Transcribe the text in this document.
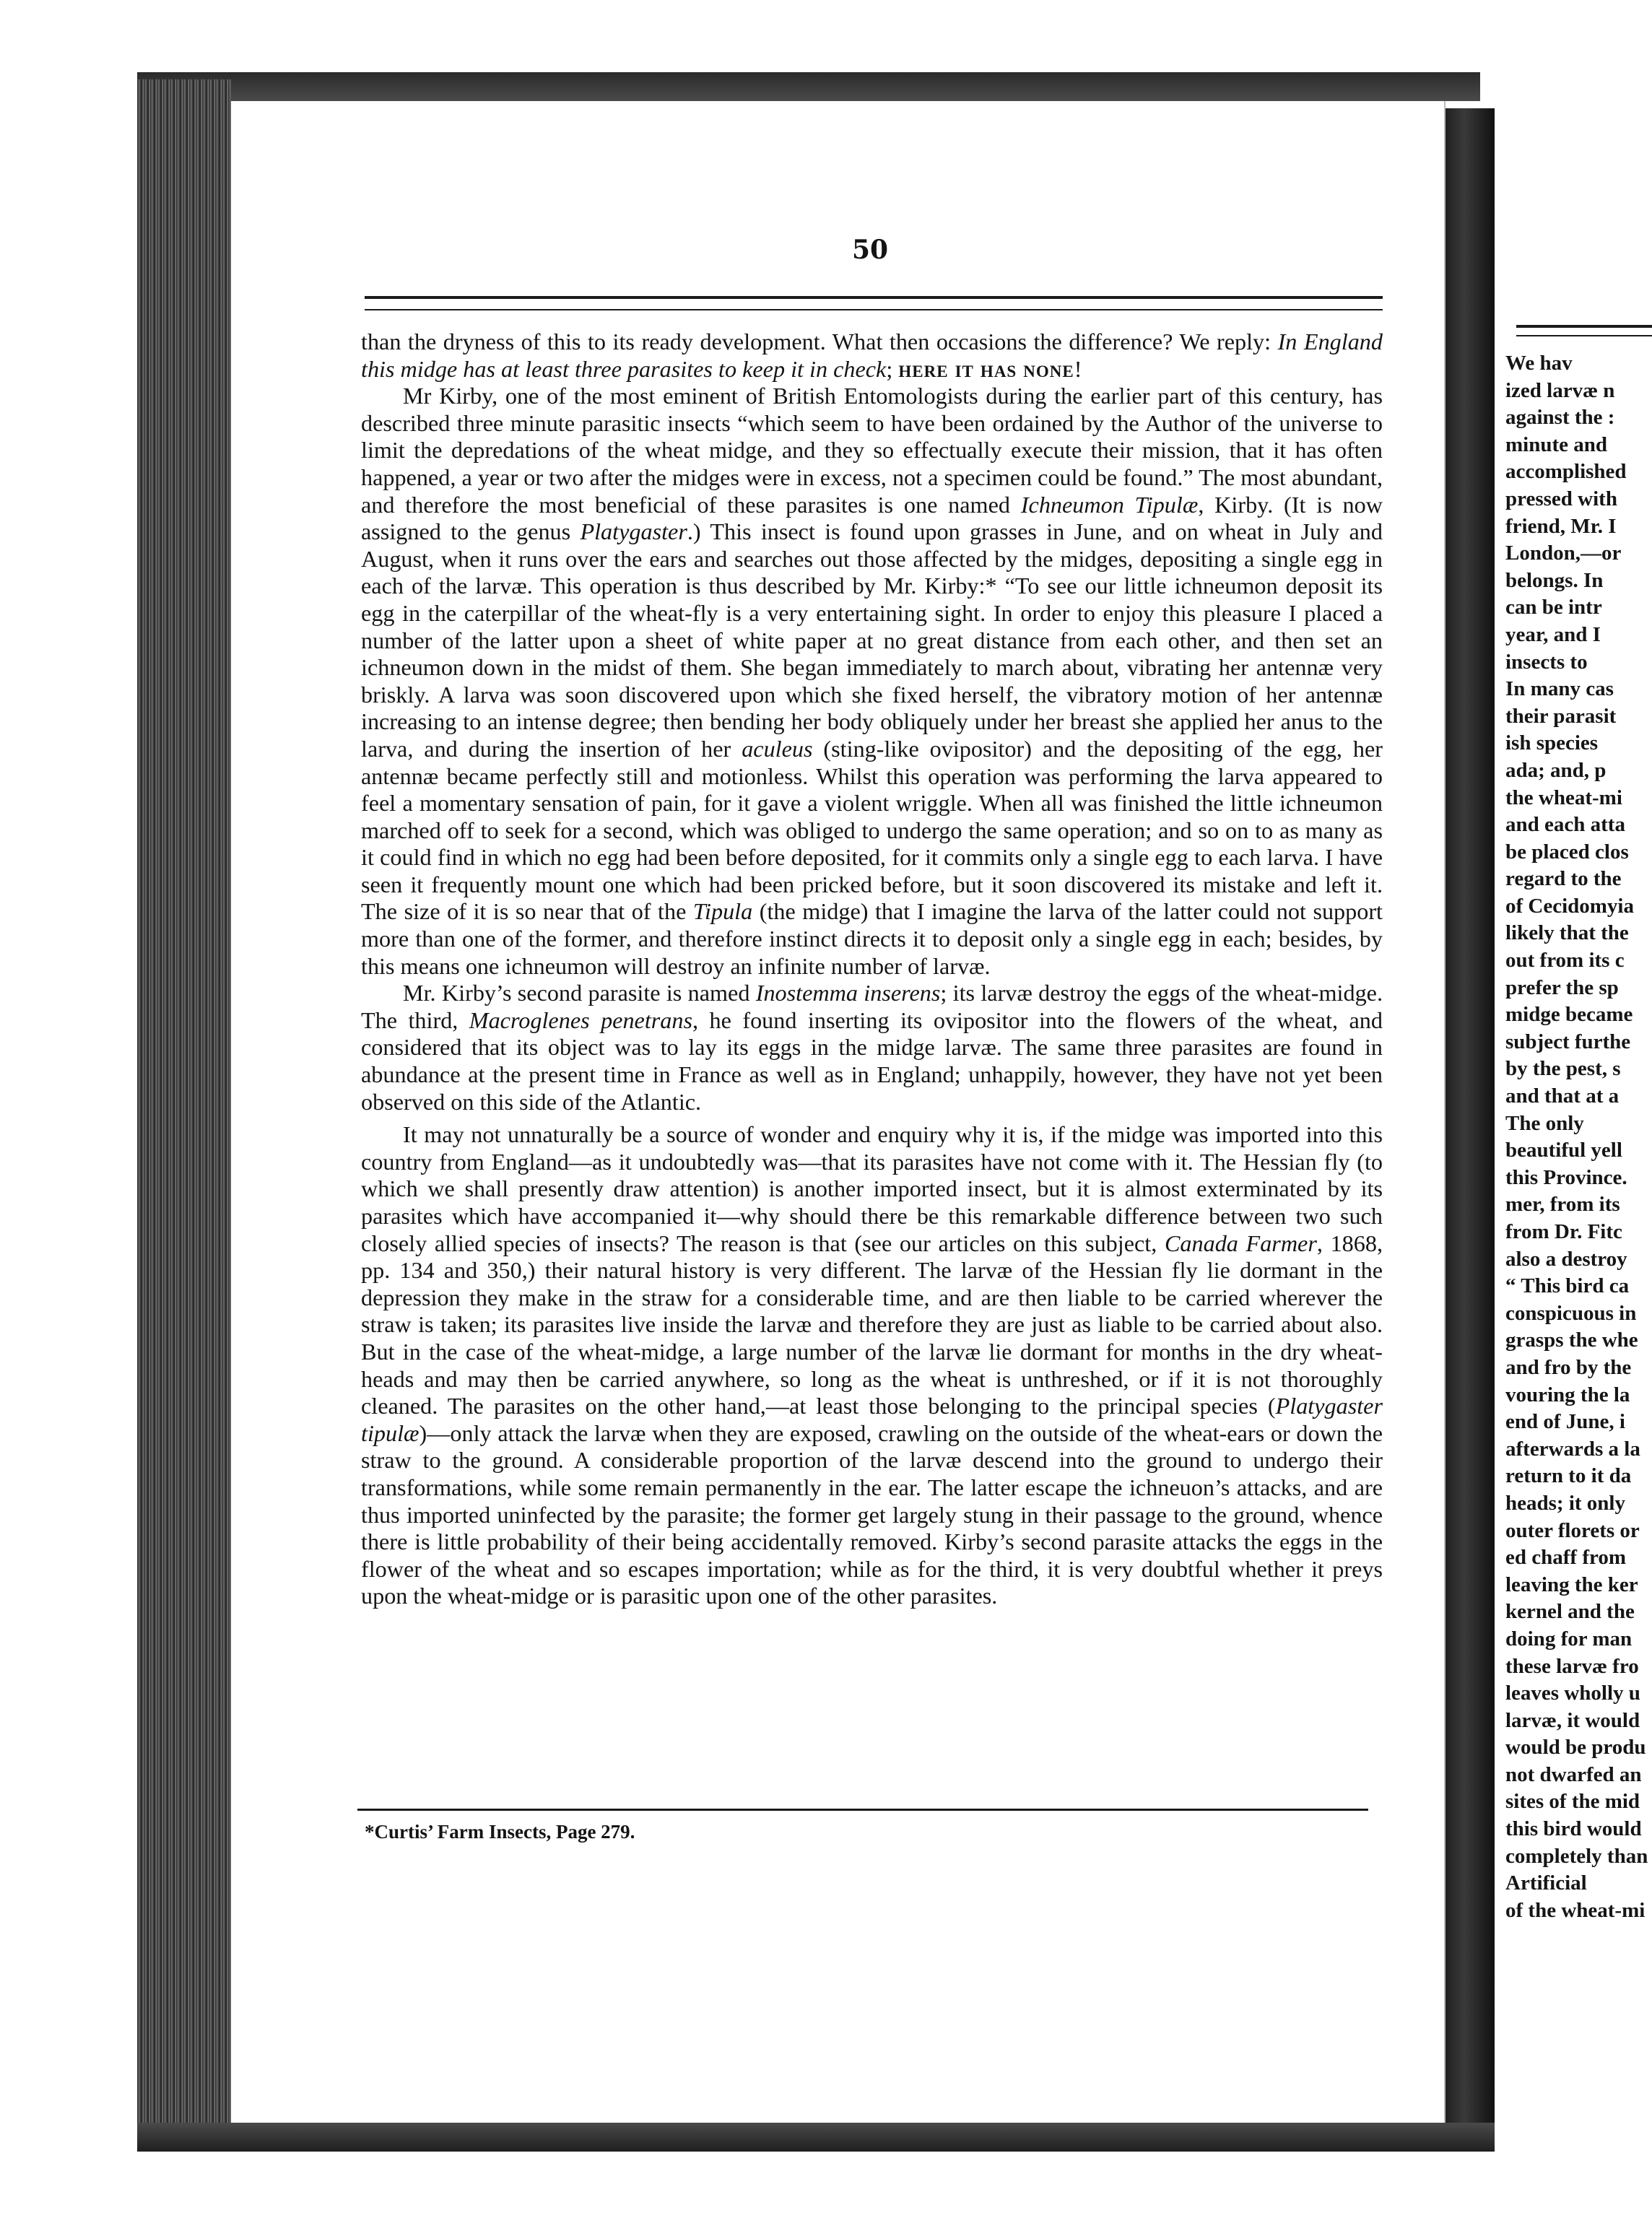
50

than the dryness of this to its ready development. What then occasions the difference? We reply: In England this midge has at least three parasites to keep it in check; here it has none!

Mr Kirby, one of the most eminent of British Entomologists during the earlier part of this century, has described three minute parasitic insects “which seem to have been ordained by the Author of the universe to limit the depredations of the wheat midge, and they so effectually execute their mission, that it has often happened, a year or two after the midges were in excess, not a specimen could be found.” The most abundant, and therefore the most beneficial of these parasites is one named Ichneumon Tipulæ, Kirby. (It is now assigned to the genus Platygaster.) This insect is found upon grasses in June, and on wheat in July and August, when it runs over the ears and searches out those affected by the midges, depositing a single egg in each of the larvæ. This operation is thus described by Mr. Kirby:* “To see our little ichneumon deposit its egg in the caterpillar of the wheat-fly is a very entertaining sight. In order to enjoy this pleasure I placed a number of the latter upon a sheet of white paper at no great distance from each other, and then set an ichneumon down in the midst of them. She began immediately to march about, vibrating her antennæ very briskly. A larva was soon discovered upon which she fixed herself, the vibratory motion of her antennæ increasing to an intense degree; then bending her body obliquely under her breast she applied her anus to the larva, and during the insertion of her aculeus (sting-like ovipositor) and the depositing of the egg, her antennæ became perfectly still and motionless. Whilst this operation was performing the larva appeared to feel a momentary sensation of pain, for it gave a violent wriggle. When all was finished the little ichneumon marched off to seek for a second, which was obliged to undergo the same operation; and so on to as many as it could find in which no egg had been before deposited, for it commits only a single egg to each larva. I have seen it frequently mount one which had been pricked before, but it soon discovered its mistake and left it. The size of it is so near that of the Tipula (the midge) that I imagine the larva of the latter could not support more than one of the former, and therefore instinct directs it to deposit only a single egg in each; besides, by this means one ichneumon will destroy an infinite number of larvæ.

Mr. Kirby’s second parasite is named Inostemma inserens; its larvæ destroy the eggs of the wheat-midge. The third, Macroglenes penetrans, he found inserting its ovipositor into the flowers of the wheat, and considered that its object was to lay its eggs in the midge larvæ. The same three parasites are found in abundance at the present time in France as well as in England; unhappily, however, they have not yet been observed on this side of the Atlantic.

It may not unnaturally be a source of wonder and enquiry why it is, if the midge was imported into this country from England—as it undoubtedly was—that its parasites have not come with it. The Hessian fly (to which we shall presently draw attention) is another imported insect, but it is almost exterminated by its parasites which have accompanied it—why should there be this remarkable difference between two such closely allied species of insects? The reason is that (see our articles on this subject, Canada Farmer, 1868, pp. 134 and 350,) their natural history is very different. The larvæ of the Hessian fly lie dormant in the depression they make in the straw for a considerable time, and are then liable to be carried wherever the straw is taken; its parasites live inside the larvæ and therefore they are just as liable to be carried about also. But in the case of the wheat-midge, a large number of the larvæ lie dormant for months in the dry wheat-heads and may then be carried anywhere, so long as the wheat is unthreshed, or if it is not thoroughly cleaned. The parasites on the other hand,—at least those belonging to the principal species (Platygaster tipulæ)—only attack the larvæ when they are exposed, crawling on the outside of the wheat-ears or down the straw to the ground. A considerable proportion of the larvæ descend into the ground to undergo their transformations, while some remain permanently in the ear. The latter escape the ichneuon’s attacks, and are thus imported uninfected by the parasite; the former get largely stung in their passage to the ground, whence there is little probability of their being accidentally removed. Kirby’s second parasite attacks the eggs in the flower of the wheat and so escapes importation; while as for the third, it is very doubtful whether it preys upon the wheat-midge or is parasitic upon one of the other parasites.

*Curtis’ Farm Insects, Page 279.
We hav
ized larvæ n
against the :
minute and
accomplished
pressed with
friend, Mr. I
London,—or
belongs. In
can be intr
year, and I
insects to
In many cas
their parasit
ish species
ada; and, p
the wheat-mi
and each atta
be placed clos
regard to the
of Cecidomyia
likely that the
out from its c
prefer the sp
midge became
subject furthe
by the pest, s
and that at a
The only
beautiful yell
this Province.
mer, from its
from Dr. Fitc
also a destroy
“ This bird ca
conspicuous in
grasps the whe
and fro by the
vouring the la
end of June, i
afterwards a la
return to it da
heads; it only
outer florets or
ed chaff from
leaving the ker
kernel and the
doing for man
these larvæ fro
leaves wholly u
larvæ, it would
would be produ
not dwarfed an
sites of the mid
this bird would
completely than
Artificial
of the wheat-mi
